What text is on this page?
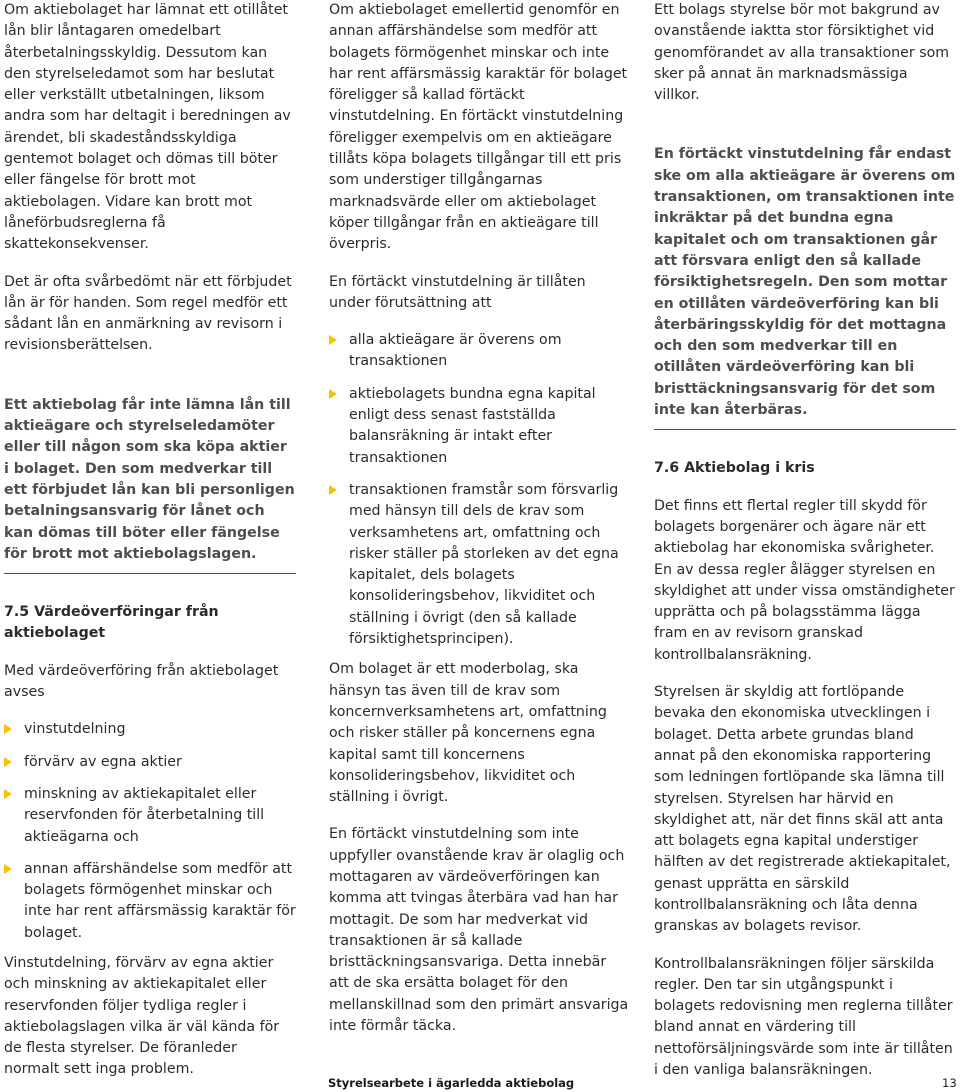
Om aktiebolaget har lämnat ett otillåtet lån blir låntagaren omedelbart återbetalningsskyldig. Dessutom kan den styrelseledamot som har beslutat eller verkställt utbetalningen, liksom andra som har deltagit i beredningen av ärendet, bli skadeståndsskyldiga gentemot bolaget och dömas till böter eller fängelse för brott mot aktiebolagen. Vidare kan brott mot låneförbudsreglerna få skattekonsekvenser.

Det är ofta svårbedömt när ett förbjudet lån är för handen. Som regel medför ett sådant lån en anmärkning av revisorn i revisionsberättelsen.

Ett aktiebolag får inte lämna lån till aktieägare och styrelseledamöter eller till någon som ska köpa aktier i bolaget. Den som medverkar till ett förbjudet lån kan bli personligen betalningsansvarig för lånet och kan dömas till böter eller fängelse för brott mot aktiebolagslagen.

7.5 Värdeöverföringar från aktiebolaget

Med värdeöverföring från aktiebolaget avses

vinstutdelning
förvärv av egna aktier
minskning av aktiekapitalet eller reservfonden för återbetalning till aktieägarna och
annan affärshändelse som medför att bolagets förmögenhet minskar och inte har rent affärsmässig karaktär för bolaget.

Vinstutdelning, förvärv av egna aktier och minskning av aktiekapitalet eller reservfonden följer tydliga regler i aktiebolagslagen vilka är väl kända för de flesta styrelser. De föranleder normalt sett inga problem.

Om aktiebolaget emellertid genomför en annan affärshändelse som medför att bolagets förmögenhet minskar och inte har rent affärsmässig karaktär för bolaget föreligger så kallad förtäckt vinstutdelning. En förtäckt vinstutdelning föreligger exempelvis om en aktieägare tillåts köpa bolagets tillgångar till ett pris som understiger tillgångarnas marknadsvärde eller om aktiebolaget köper tillgångar från en aktieägare till överpris.

En förtäckt vinstutdelning är tillåten under förutsättning att

alla aktieägare är överens om transaktionen
aktiebolagets bundna egna kapital enligt dess senast fastställda balansräkning är intakt efter transaktionen
transaktionen framstår som försvarlig med hänsyn till dels de krav som verksamhetens art, omfattning och risker ställer på storleken av det egna kapitalet, dels bolagets konsolideringsbehov, likviditet och ställning i övrigt (den så kallade försiktighetsprincipen).

Om bolaget är ett moderbolag, ska hänsyn tas även till de krav som koncernverksamhetens art, omfattning och risker ställer på koncernens egna kapital samt till koncernens konsolideringsbehov, likviditet och ställning i övrigt.

En förtäckt vinstutdelning som inte uppfyller ovanstående krav är olaglig och mottagaren av värdeöverföringen kan komma att tvingas återbära vad han har mottagit. De som har medverkat vid transaktionen är så kallade bristtäckningsansvariga. Detta innebär att de ska ersätta bolaget för den mellanskillnad som den primärt ansvariga inte förmår täcka.

Ett bolags styrelse bör mot bakgrund av ovanstående iaktta stor försiktighet vid genomförandet av alla transaktioner som sker på annat än marknadsmässiga villkor.

En förtäckt vinstutdelning får endast ske om alla aktieägare är överens om transaktionen, om transaktionen inte inkräktar på det bundna egna kapitalet och om transaktionen går att försvara enligt den så kallade försiktighetsregeln. Den som mottar en otillåten värdeöverföring kan bli återbäringsskyldig för det mottagna och den som medverkar till en otillåten värdeöverföring kan bli bristtäckningsansvarig för det som inte kan återbäras.

7.6 Aktiebolag i kris

Det finns ett flertal regler till skydd för bolagets borgenärer och ägare när ett aktiebolag har ekonomiska svårigheter. En av dessa regler ålägger styrelsen en skyldighet att under vissa omständigheter upprätta och på bolagsstämma lägga fram en av revisorn granskad kontrollbalansräkning.

Styrelsen är skyldig att fortlöpande bevaka den ekonomiska utvecklingen i bolaget. Detta arbete grundas bland annat på den ekonomiska rapportering som ledningen fortlöpande ska lämna till styrelsen. Styrelsen har härvid en skyldighet att, när det finns skäl att anta att bolagets egna kapital understiger hälften av det registrerade aktiekapitalet, genast upprätta en särskild kontrollbalansräkning och låta denna granskas av bolagets revisor.

Kontrollbalansräkningen följer särskilda regler. Den tar sin utgångspunkt i bolagets redovisning men reglerna tillåter bland annat en värdering till nettoförsäljningsvärde som inte är tillåten i den vanliga balansräkningen.

Styrelsearbete i ägarledda aktiebolag	13
